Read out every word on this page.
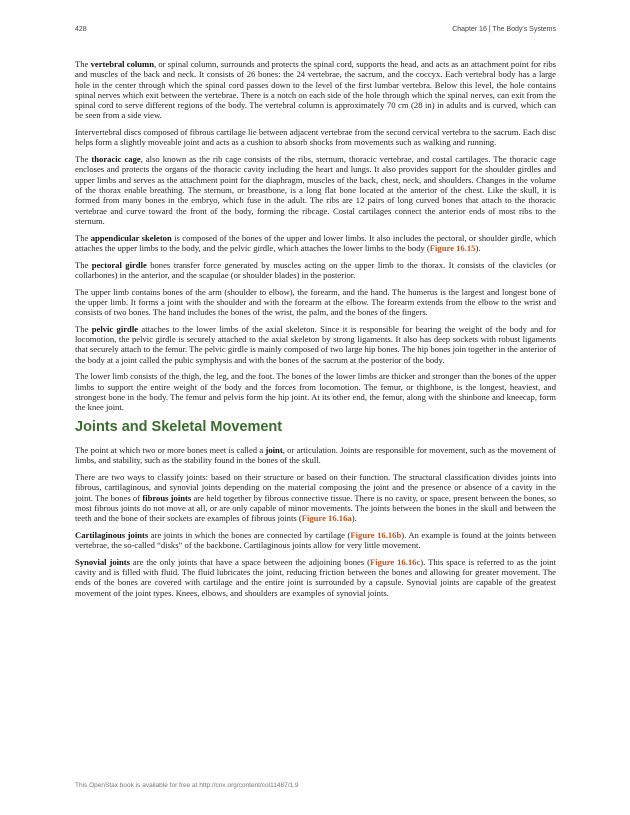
428	Chapter 16 | The Body's Systems

The vertebral column, or spinal column, surrounds and protects the spinal cord, supports the head, and acts as an attachment point for ribs and muscles of the back and neck. It consists of 26 bones: the 24 vertebrae, the sacrum, and the coccyx. Each vertebral body has a large hole in the center through which the spinal cord passes down to the level of the first lumbar vertebra. Below this level, the hole contains spinal nerves which exit between the vertebrae. There is a notch on each side of the hole through which the spinal nerves, can exit from the spinal cord to serve different regions of the body. The vertebral column is approximately 70 cm (28 in) in adults and is curved, which can be seen from a side view.

Intervertebral discs composed of fibrous cartilage lie between adjacent vertebrae from the second cervical vertebra to the sacrum. Each disc helps form a slightly moveable joint and acts as a cushion to absorb shocks from movements such as walking and running.

The thoracic cage, also known as the rib cage consists of the ribs, sternum, thoracic vertebrae, and costal cartilages. The thoracic cage encloses and protects the organs of the thoracic cavity including the heart and lungs. It also provides support for the shoulder girdles and upper limbs and serves as the attachment point for the diaphragm, muscles of the back, chest, neck, and shoulders. Changes in the volume of the thorax enable breathing. The sternum, or breastbone, is a long flat bone located at the anterior of the chest. Like the skull, it is formed from many bones in the embryo, which fuse in the adult. The ribs are 12 pairs of long curved bones that attach to the thoracic vertebrae and curve toward the front of the body, forming the ribcage. Costal cartilages connect the anterior ends of most ribs to the sternum.

The appendicular skeleton is composed of the bones of the upper and lower limbs. It also includes the pectoral, or shoulder girdle, which attaches the upper limbs to the body, and the pelvic girdle, which attaches the lower limbs to the body (Figure 16.15).

The pectoral girdle bones transfer force generated by muscles acting on the upper limb to the thorax. It consists of the clavicles (or collarbones) in the anterior, and the scapulae (or shoulder blades) in the posterior.

The upper limb contains bones of the arm (shoulder to elbow), the forearm, and the hand. The humerus is the largest and longest bone of the upper limb. It forms a joint with the shoulder and with the forearm at the elbow. The forearm extends from the elbow to the wrist and consists of two bones. The hand includes the bones of the wrist, the palm, and the bones of the fingers.

The pelvic girdle attaches to the lower limbs of the axial skeleton. Since it is responsible for bearing the weight of the body and for locomotion, the pelvic girdle is securely attached to the axial skeleton by strong ligaments. It also has deep sockets with robust ligaments that securely attach to the femur. The pelvic girdle is mainly composed of two large hip bones. The hip bones join together in the anterior of the body at a joint called the pubic symphysis and with the bones of the sacrum at the posterior of the body.

The lower limb consists of the thigh, the leg, and the foot. The bones of the lower limbs are thicker and stronger than the bones of the upper limbs to support the entire weight of the body and the forces from locomotion. The femur, or thighbone, is the longest, heaviest, and strongest bone in the body. The femur and pelvis form the hip joint. At its other end, the femur, along with the shinbone and kneecap, form the knee joint.

Joints and Skeletal Movement

The point at which two or more bones meet is called a joint, or articulation. Joints are responsible for movement, such as the movement of limbs, and stability, such as the stability found in the bones of the skull.

There are two ways to classify joints: based on their structure or based on their function. The structural classification divides joints into fibrous, cartilaginous, and synovial joints depending on the material composing the joint and the presence or absence of a cavity in the joint. The bones of fibrous joints are held together by fibrous connective tissue. There is no cavity, or space, present between the bones, so most fibrous joints do not move at all, or are only capable of minor movements. The joints between the bones in the skull and between the teeth and the bone of their sockets are examples of fibrous joints (Figure 16.16a).

Cartilaginous joints are joints in which the bones are connected by cartilage (Figure 16.16b). An example is found at the joints between vertebrae, the so-called “disks” of the backbone. Cartilaginous joints allow for very little movement.

Synovial joints are the only joints that have a space between the adjoining bones (Figure 16.16c). This space is referred to as the joint cavity and is filled with fluid. The fluid lubricates the joint, reducing friction between the bones and allowing for greater movement. The ends of the bones are covered with cartilage and the entire joint is surrounded by a capsule. Synovial joints are capable of the greatest movement of the joint types. Knees, elbows, and shoulders are examples of synovial joints.

This OpenStax book is available for free at http://cnx.org/content/col11487/1.9
